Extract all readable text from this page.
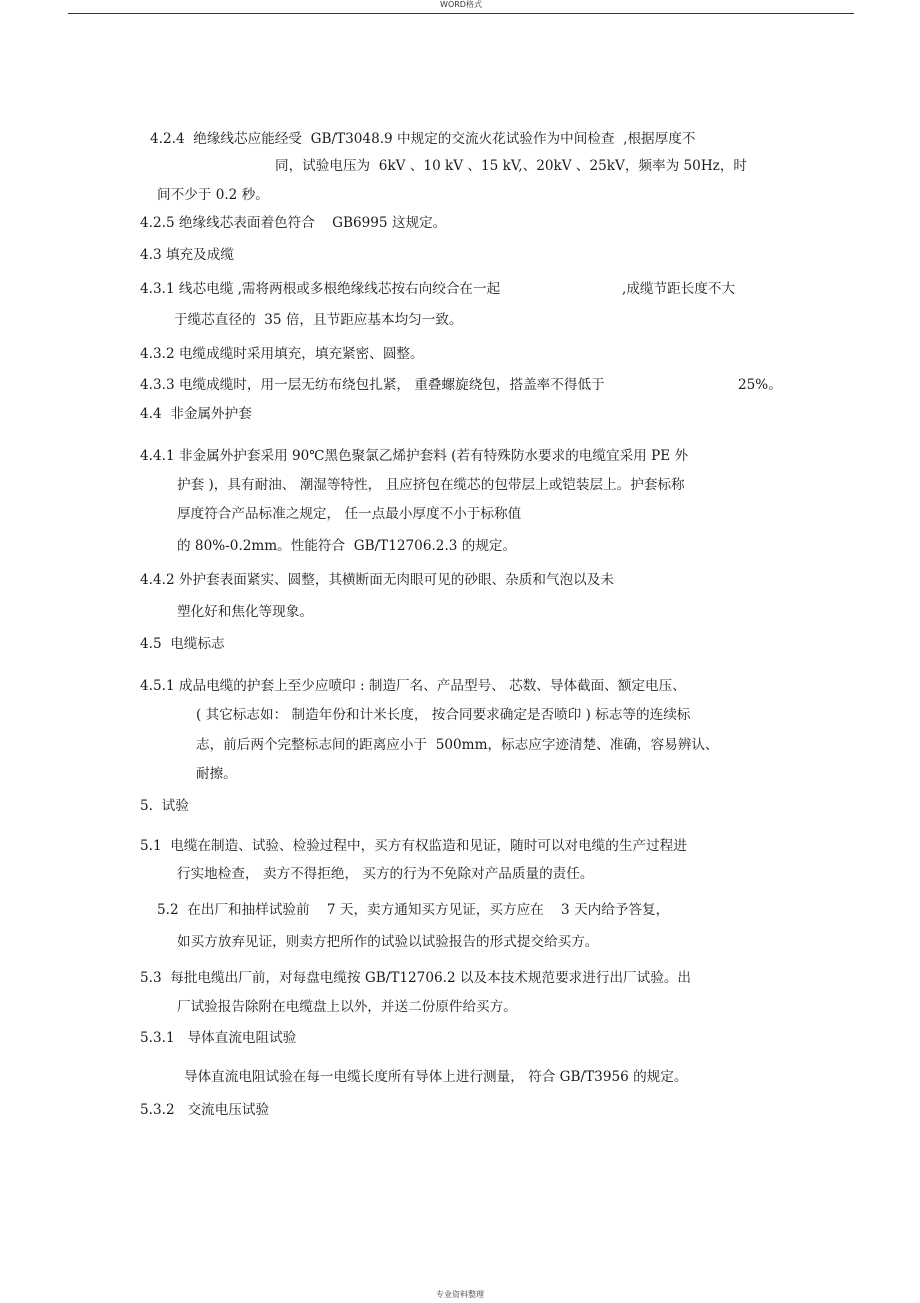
WORD格式
4.2.4  绝缘线芯应能经受  GB/T3048.9 中规定的交流火花试验作为中间检查  ,根据厚度不
同，试验电压为  6kV 、10 kV 、15 kV,、20kV 、25kV，频率为 50Hz，时
间不少于 0.2 秒。
4.2.5 绝缘线芯表面着色符合    GB6995 这规定。
4.3 填充及成缆
4.3.1 线芯电缆 ,需将两根或多根绝缘线芯按右向绞合在一起	,成缆节距长度不大
于缆芯直径的  35 倍，且节距应基本均匀一致。
4.3.2 电缆成缆时采用填充，填充紧密、圆整。
4.3.3 电缆成缆时，用一层无纺布绕包扎紧， 重叠螺旋绕包，搭盖率不得低于	25%。
4.4  非金属外护套
4.4.1 非金属外护套采用 90℃黑色聚氯乙烯护套料 (若有特殊防水要求的电缆宜采用 PE 外
护套 )，具有耐油、 潮湿等特性， 且应挤包在缆芯的包带层上或铠装层上。护套标称
厚度符合产品标准之规定， 任一点最小厚度不小于标称值
的 80%-0.2mm。性能符合  GB/T12706.2.3 的规定。
4.4.2 外护套表面紧实、圆整，其横断面无肉眼可见的砂眼、杂质和气泡以及未
塑化好和焦化等现象。
4.5  电缆标志
4.5.1 成品电缆的护套上至少应喷印 : 制造厂名、产品型号、 芯数、导体截面、额定电压、
( 其它标志如： 制造年份和计米长度， 按合同要求确定是否喷印 ) 标志等的连续标
志，前后两个完整标志间的距离应小于  500mm，标志应字迹清楚、准确，容易辨认、
耐擦。
5.  试验
5.1  电缆在制造、试验、检验过程中，买方有权监造和见证，随时可以对电缆的生产过程进
行实地检查， 卖方不得拒绝， 买方的行为不免除对产品质量的责任。
5.2  在出厂和抽样试验前    7 天，卖方通知买方见证，买方应在    3 天内给予答复，
如买方放弃见证，则卖方把所作的试验以试验报告的形式提交给买方。
5.3  每批电缆出厂前，对每盘电缆按 GB/T12706.2 以及本技术规范要求进行出厂试验。出
厂试验报告除附在电缆盘上以外，并送二份原件给买方。
5.3.1   导体直流电阻试验
导体直流电阻试验在每一电缆长度所有导体上进行测量， 符合 GB/T3956 的规定。
5.3.2   交流电压试验
专业资料整理
